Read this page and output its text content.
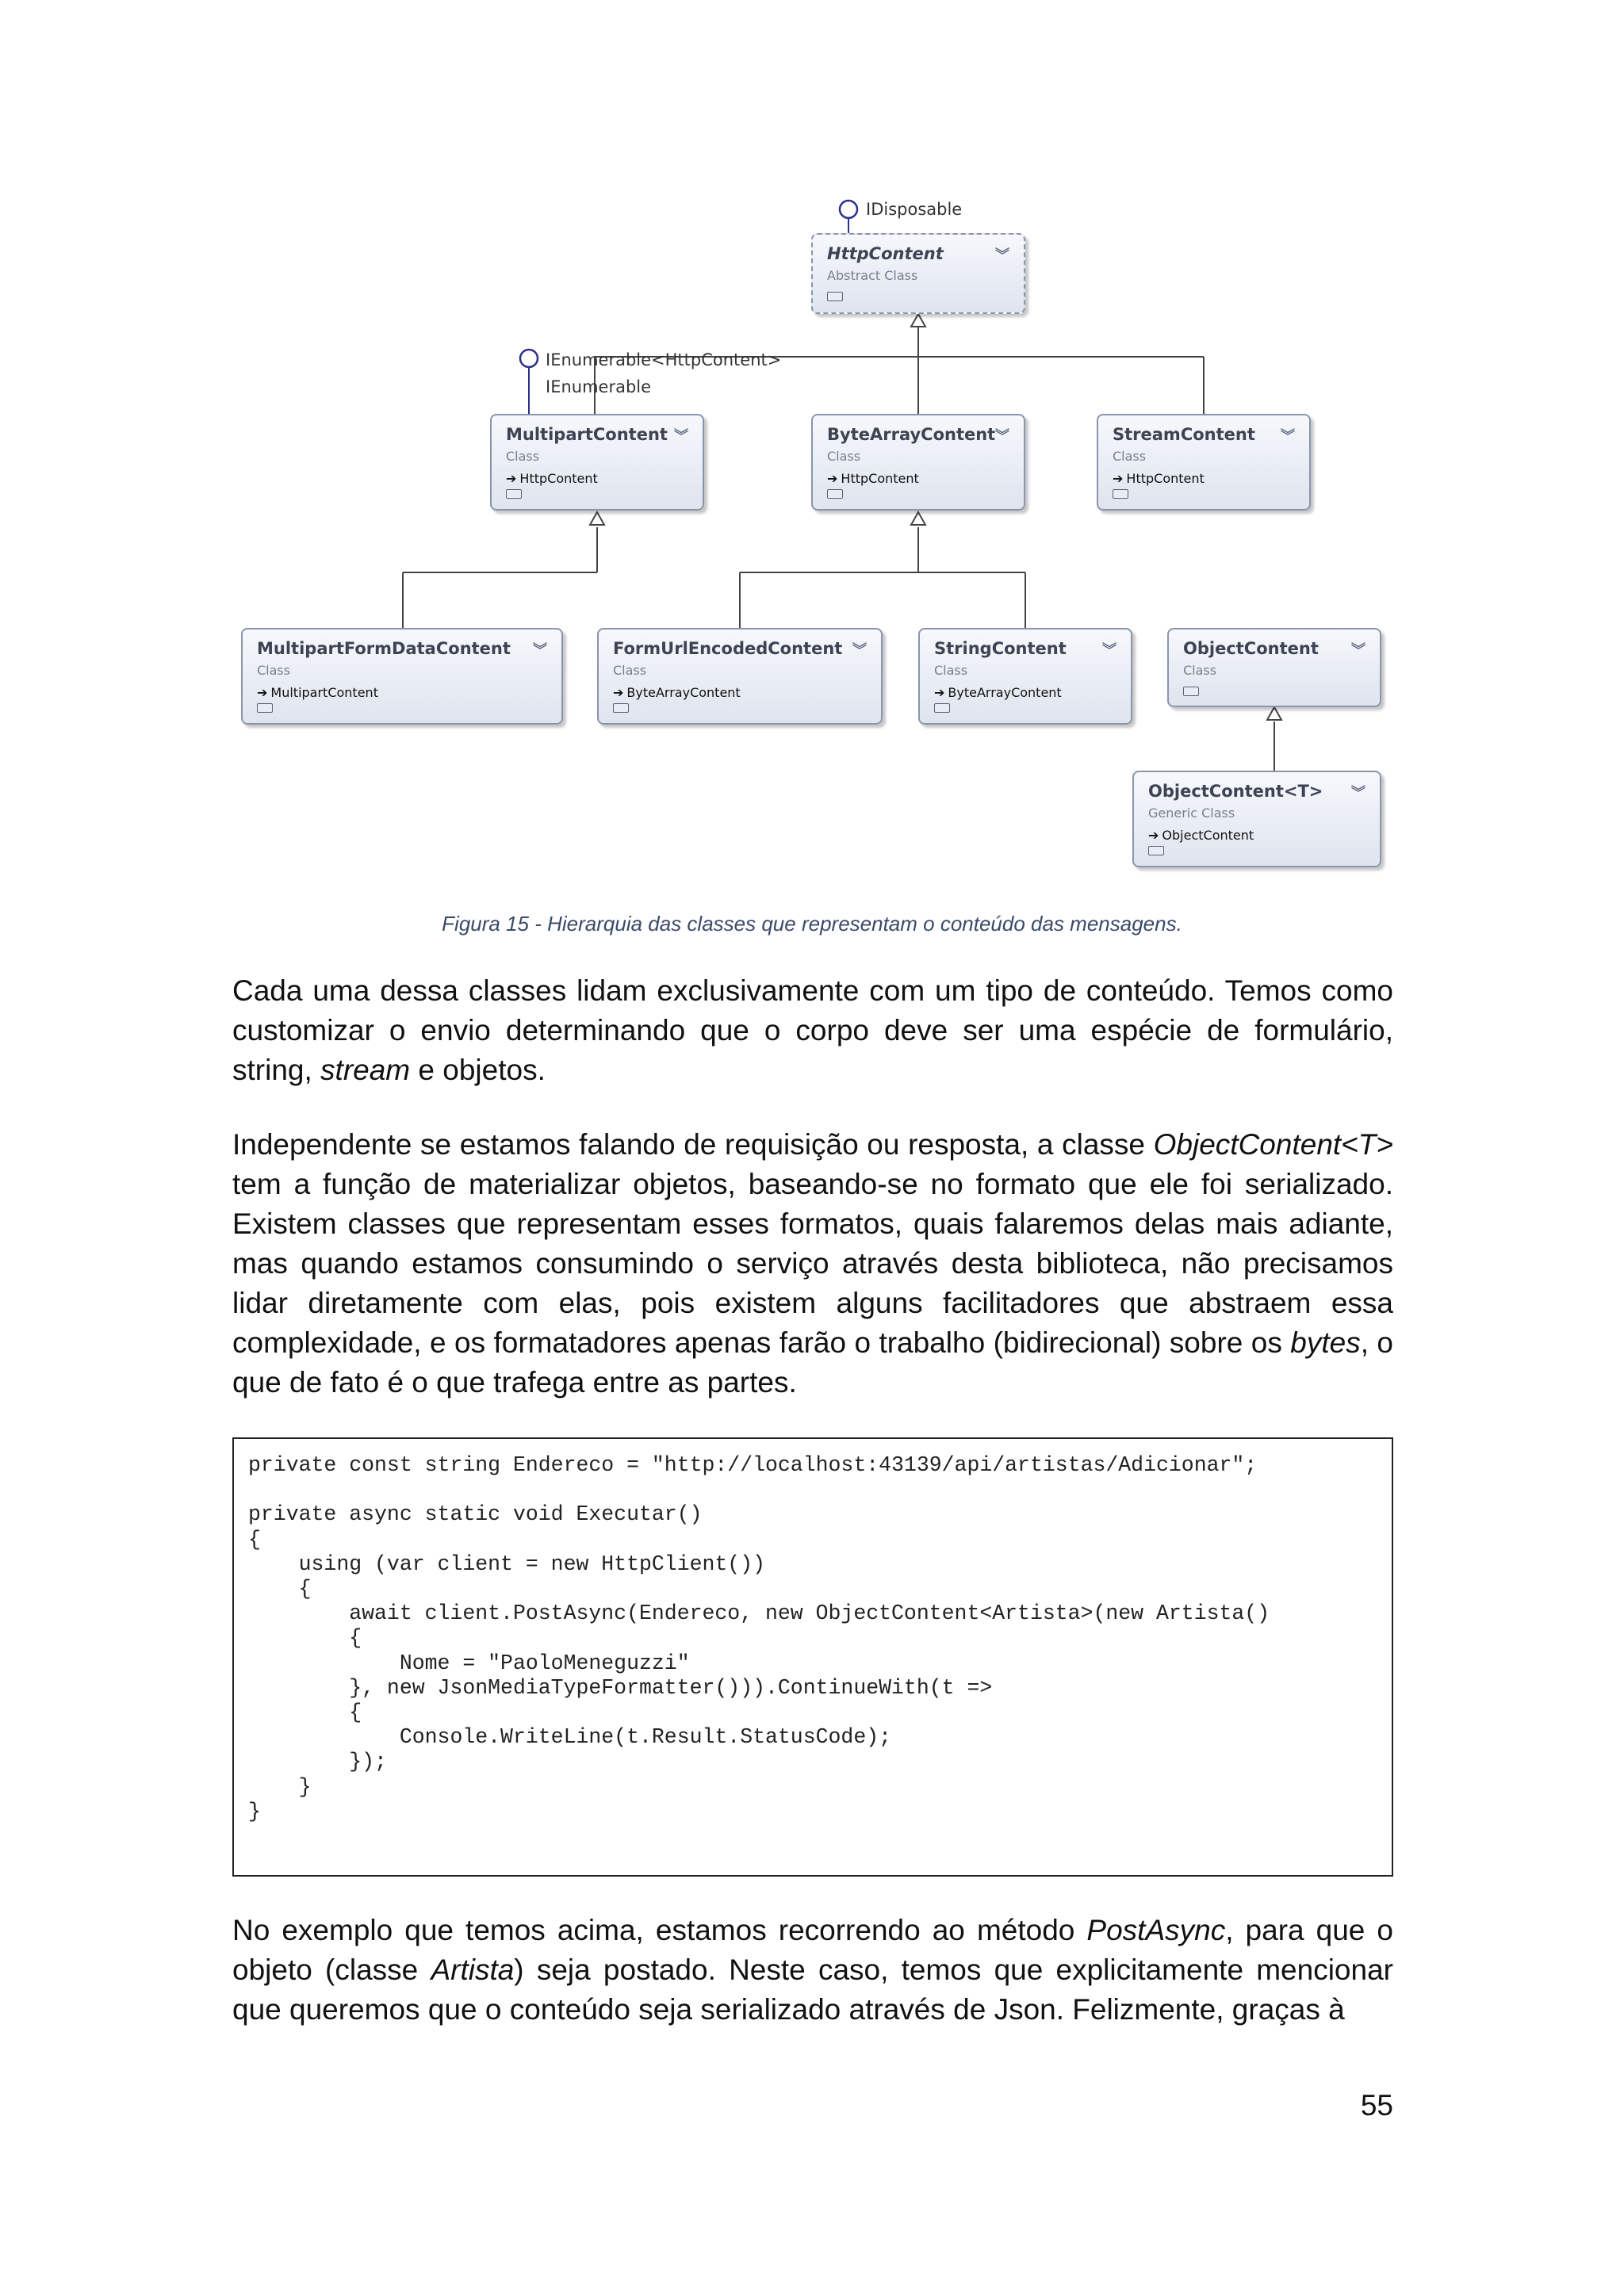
IDisposable
IEnumerable<HttpContent>
IEnumerable
HttpContent
Abstract Class
︾
MultipartContent
Class
➔ HttpContent
︾	ByteArrayContent
Class
➔ HttpContent
︾	StreamContent
Class
➔ HttpContent
︾
MultipartFormDataContent
Class
➔ MultipartContent
︾	FormUrlEncodedContent
Class
➔ ByteArrayContent
︾	StringContent
Class
➔ ByteArrayContent
︾	ObjectContent
Class
︾
ObjectContent<T>
Generic Class
➔ ObjectContent
︾
Figura 15 - Hierarquia das classes que representam o conteúdo das mensagens.

Cada uma dessa classes lidam exclusivamente com um tipo de conteúdo. Temos como customizar o envio determinando que o corpo deve ser uma espécie de formulário, string, stream e objetos.

Independente se estamos falando de requisição ou resposta, a classe ObjectContent<T> tem a função de materializar objetos, baseando-se no formato que ele foi serializado. Existem classes que representam esses formatos, quais falaremos delas mais adiante, mas quando estamos consumindo o serviço através desta biblioteca, não precisamos lidar diretamente com elas, pois existem alguns facilitadores que abstraem essa complexidade, e os formatadores apenas farão o trabalho (bidirecional) sobre os bytes, o que de fato é o que trafega entre as partes.

private const string Endereco = "http://localhost:43139/api/artistas/Adicionar";

private async static void Executar()
{
using (var client = new HttpClient())
{
await client.PostAsync(Endereco, new ObjectContent<Artista>(new Artista()
{
Nome = "PaoloMeneguzzi"
}, new JsonMediaTypeFormatter())).ContinueWith(t =>
{
Console.WriteLine(t.Result.StatusCode);
});
}
}

No exemplo que temos acima, estamos recorrendo ao método PostAsync, para que o objeto (classe Artista) seja postado. Neste caso, temos que explicitamente mencionar que queremos que o conteúdo seja serializado através de Json. Felizmente, graças à

55
